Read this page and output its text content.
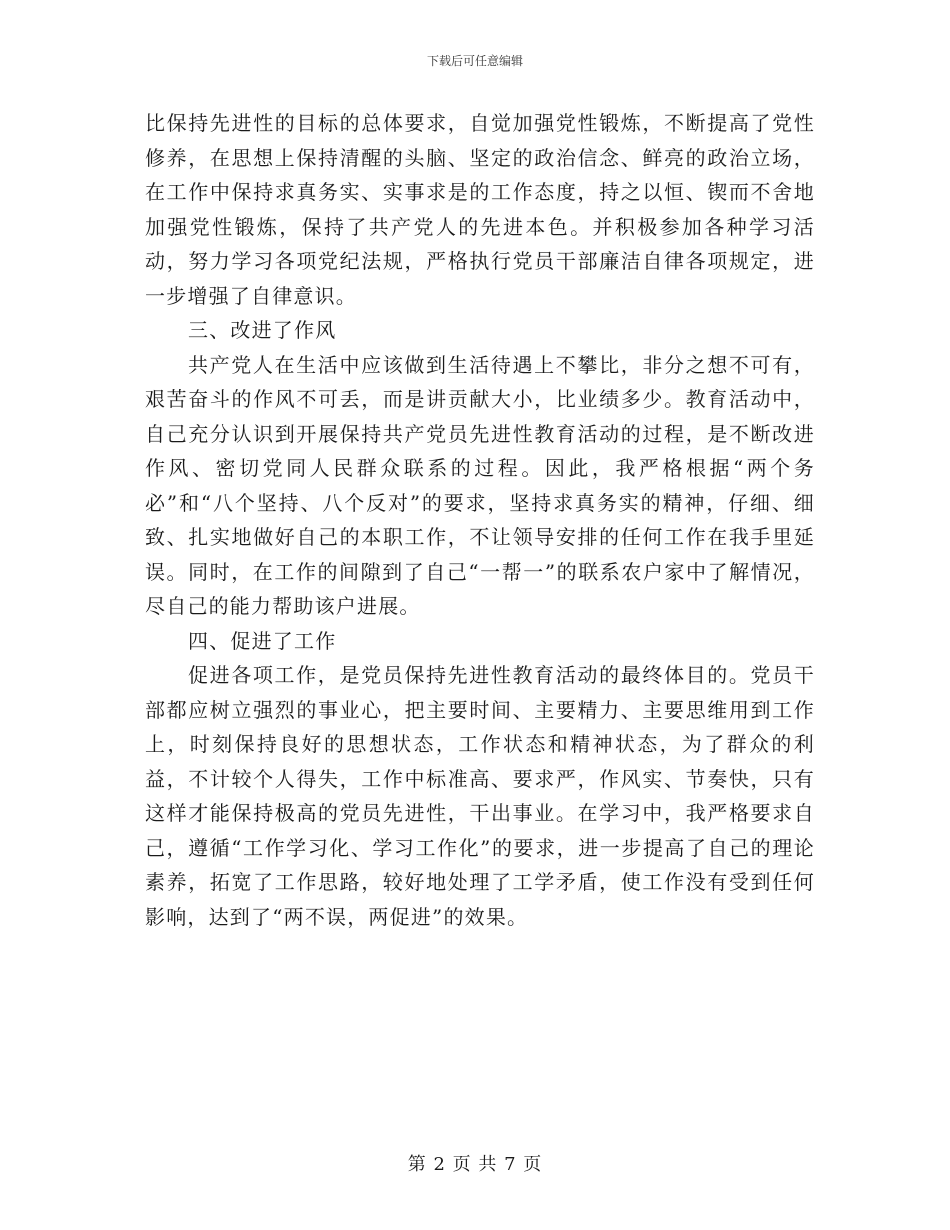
下载后可任意编辑

比保持先进性的目标的总体要求，自觉加强党性锻炼，不断提高了党性修养，在思想上保持清醒的头脑、坚定的政治信念、鲜亮的政治立场，在工作中保持求真务实、实事求是的工作态度，持之以恒、锲而不舍地加强党性锻炼，保持了共产党人的先进本色。并积极参加各种学习活动，努力学习各项党纪法规，严格执行党员干部廉洁自律各项规定，进一步增强了自律意识。

三、改进了作风

共产党人在生活中应该做到生活待遇上不攀比，非分之想不可有，艰苦奋斗的作风不可丢，而是讲贡献大小，比业绩多少。教育活动中，自己充分认识到开展保持共产党员先进性教育活动的过程，是不断改进作风、密切党同人民群众联系的过程。因此，我严格根据“两个务必”和“八个坚持、八个反对”的要求，坚持求真务实的精神，仔细、细致、扎实地做好自己的本职工作，不让领导安排的任何工作在我手里延误。同时，在工作的间隙到了自己“一帮一”的联系农户家中了解情况，尽自己的能力帮助该户进展。

四、促进了工作

促进各项工作，是党员保持先进性教育活动的最终体目的。党员干部都应树立强烈的事业心，把主要时间、主要精力、主要思维用到工作上，时刻保持良好的思想状态，工作状态和精神状态，为了群众的利益，不计较个人得失，工作中标准高、要求严，作风实、节奏快，只有这样才能保持极高的党员先进性，干出事业。在学习中，我严格要求自己，遵循“工作学习化、学习工作化”的要求，进一步提高了自己的理论素养，拓宽了工作思路，较好地处理了工学矛盾，使工作没有受到任何影响，达到了“两不误，两促进”的效果。

第 2 页 共 7 页
